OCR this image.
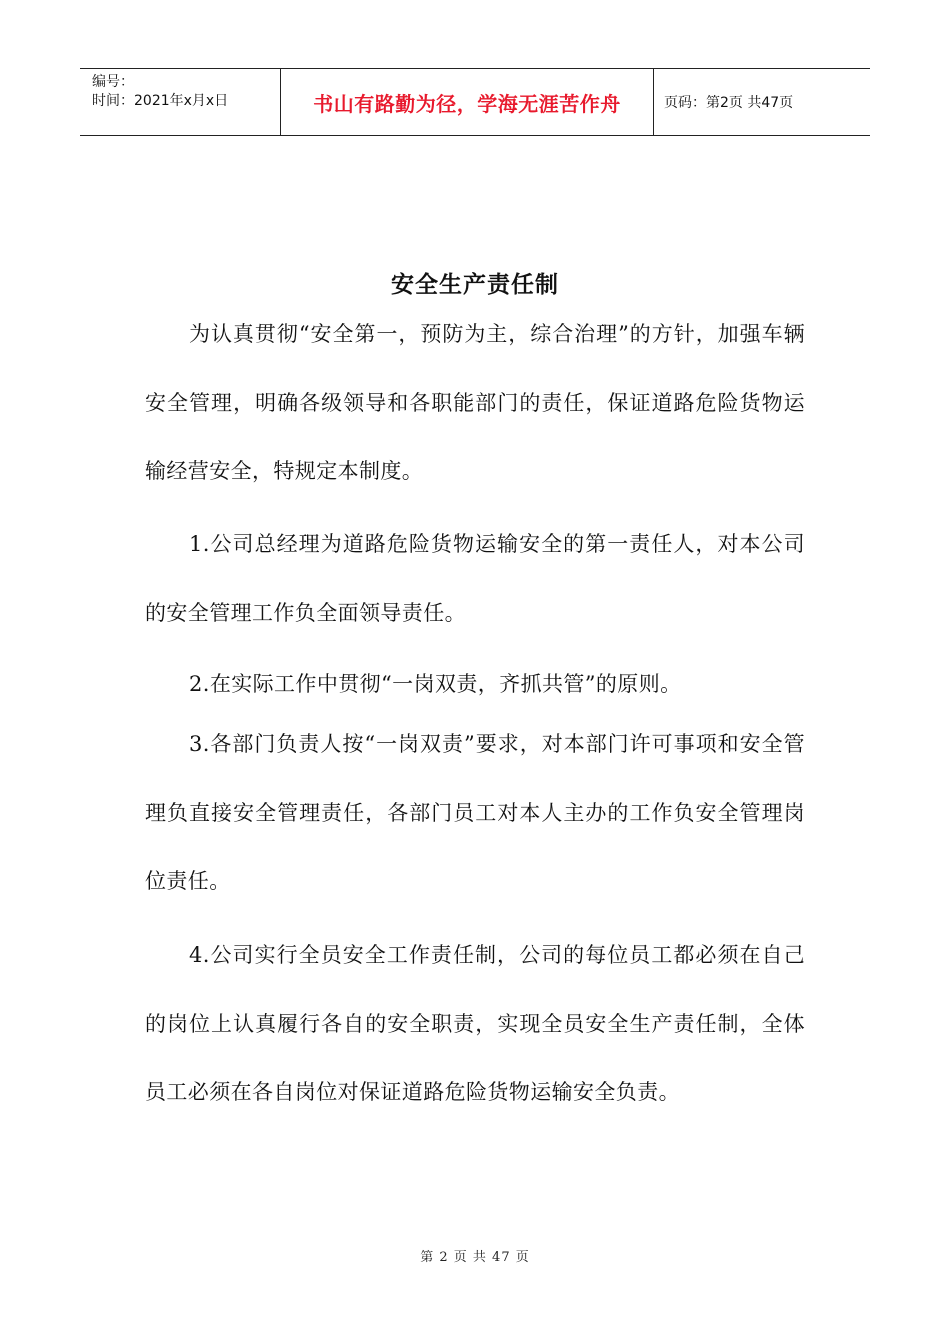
编号：
时间：2021年x月x日	书山有路勤为径，学海无涯苦作舟	页码：第2页 共47页
安全生产责任制

为认真贯彻“安全第一，预防为主，综合治理”的方针，加强车辆安全管理，明确各级领导和各职能部门的责任，保证道路危险货物运输经营安全，特规定本制度。

1.公司总经理为道路危险货物运输安全的第一责任人，对本公司的安全管理工作负全面领导责任。

2.在实际工作中贯彻“一岗双责，齐抓共管”的原则。

3.各部门负责人按“一岗双责”要求，对本部门许可事项和安全管理负直接安全管理责任，各部门员工对本人主办的工作负安全管理岗位责任。

4.公司实行全员安全工作责任制，公司的每位员工都必须在自己的岗位上认真履行各自的安全职责，实现全员安全生产责任制，全体员工必须在各自岗位对保证道路危险货物运输安全负责。

第 2 页 共 47 页
